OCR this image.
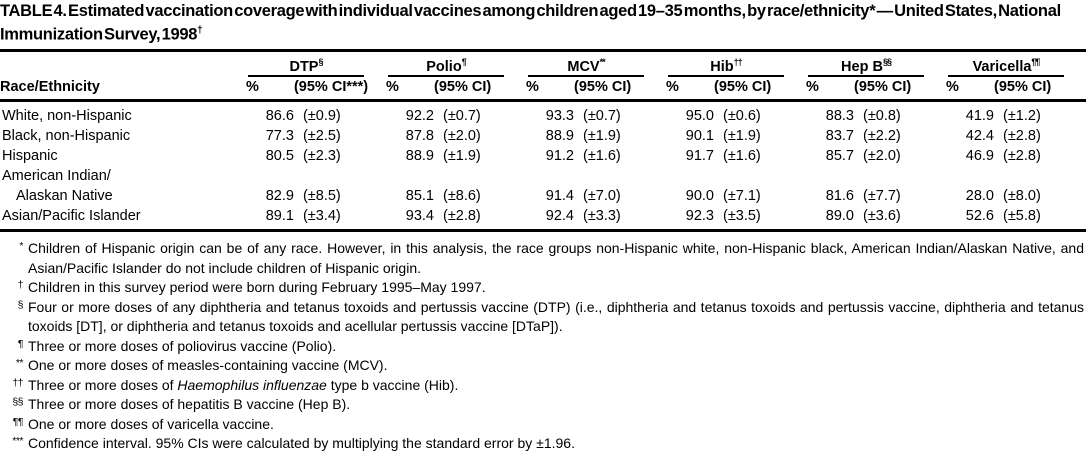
TABLE 4. Estimated vaccination coverage with individual vaccines among children aged 19–35 months, by race/ethnicity* — United States, National Immunization Survey, 1998†

	DTP§		Polio¶		MCV**		Hib††		Hep B§§		Varicella¶¶

Race/Ethnicity	%	(95% CI***)	%	(95% CI)	%	(95% CI)	%	(95% CI)	%	(95% CI)	%	(95% CI)
White, non-Hispanic	86.6	(±0.9)	92.2	(±0.7)	93.3	(±0.7)	95.0	(±0.6)	88.3	(±0.8)	41.9	(±1.2)
Black, non-Hispanic	77.3	(±2.5)	87.8	(±2.0)	88.9	(±1.9)	90.1	(±1.9)	83.7	(±2.2)	42.4	(±2.8)
Hispanic	80.5	(±2.3)	88.9	(±1.9)	91.2	(±1.6)	91.7	(±1.6)	85.7	(±2.0)	46.9	(±2.8)
American Indian/												
Alaskan Native	82.9	(±8.5)	85.1	(±8.6)	91.4	(±7.0)	90.0	(±7.1)	81.6	(±7.7)	28.0	(±8.0)
Asian/Pacific Islander	89.1	(±3.4)	93.4	(±2.8)	92.4	(±3.3)	92.3	(±3.5)	89.0	(±3.6)	52.6	(±5.8)
* Children of Hispanic origin can be of any race. However, in this analysis, the race groups non-Hispanic white, non-Hispanic black, American Indian/Alaskan Native, and Asian/Pacific Islander do not include children of Hispanic origin.
† Children in this survey period were born during February 1995–May 1997.
§ Four or more doses of any diphtheria and tetanus toxoids and pertussis vaccine (DTP) (i.e., diphtheria and tetanus toxoids and pertussis vaccine, diphtheria and tetanus toxoids [DT], or diphtheria and tetanus toxoids and acellular pertussis vaccine [DTaP]).
¶ Three or more doses of poliovirus vaccine (Polio).
** One or more doses of measles-containing vaccine (MCV).
†† Three or more doses of Haemophilus influenzae type b vaccine (Hib).
§§ Three or more doses of hepatitis B vaccine (Hep B).
¶¶ One or more doses of varicella vaccine.
*** Confidence interval. 95% CIs were calculated by multiplying the standard error by ±1.96.
